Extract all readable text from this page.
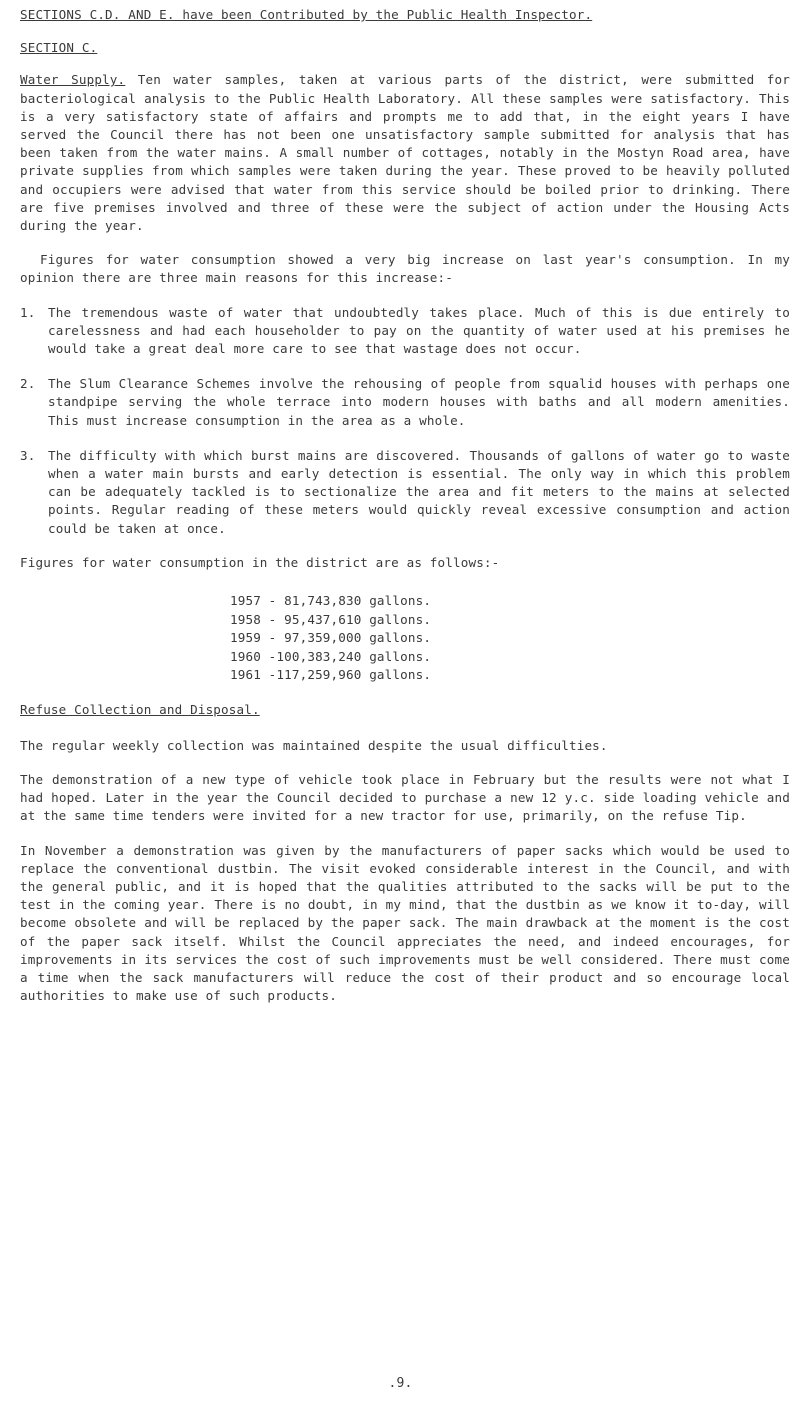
SECTIONS C.D. AND E. have been Contributed by the Public Health Inspector.

SECTION C.

Water Supply. Ten water samples, taken at various parts of the district, were submitted for bacteriological analysis to the Public Health Laboratory. All these samples were satisfactory. This is a very satisfactory state of affairs and prompts me to add that, in the eight years I have served the Council there has not been one unsatisfactory sample submitted for analysis that has been taken from the water mains. A small number of cottages, notably in the Mostyn Road area, have private supplies from which samples were taken during the year. These proved to be heavily polluted and occupiers were advised that water from this service should be boiled prior to drinking. There are five premises involved and three of these were the subject of action under the Housing Acts during the year.

Figures for water consumption showed a very big increase on last year's consumption. In my opinion there are three main reasons for this increase:-

1. The tremendous waste of water that undoubtedly takes place. Much of this is due entirely to carelessness and had each householder to pay on the quantity of water used at his premises he would take a great deal more care to see that wastage does not occur.
2. The Slum Clearance Schemes involve the rehousing of people from squalid houses with perhaps one standpipe serving the whole terrace into modern houses with baths and all modern amenities. This must increase consumption in the area as a whole.
3. The difficulty with which burst mains are discovered. Thousands of gallons of water go to waste when a water main bursts and early detection is essential. The only way in which this problem can be adequately tackled is to sectionalize the area and fit meters to the mains at selected points. Regular reading of these meters would quickly reveal excessive consumption and action could be taken at once.

Figures for water consumption in the district are as follows:-

1957 - 81,743,830 gallons.
1958 - 95,437,610 gallons.
1959 - 97,359,000 gallons.
1960 -100,383,240 gallons.
1961 -117,259,960 gallons.

Refuse Collection and Disposal.

The regular weekly collection was maintained despite the usual difficulties.

The demonstration of a new type of vehicle took place in February but the results were not what I had hoped. Later in the year the Council decided to purchase a new 12 y.c. side loading vehicle and at the same time tenders were invited for a new tractor for use, primarily, on the refuse Tip.

In November a demonstration was given by the manufacturers of paper sacks which would be used to replace the conventional dustbin. The visit evoked considerable interest in the Council, and with the general public, and it is hoped that the qualities attributed to the sacks will be put to the test in the coming year. There is no doubt, in my mind, that the dustbin as we know it to-day, will become obsolete and will be replaced by the paper sack. The main drawback at the moment is the cost of the paper sack itself. Whilst the Council appreciates the need, and indeed encourages, for improvements in its services the cost of such improvements must be well considered. There must come a time when the sack manufacturers will reduce the cost of their product and so encourage local authorities to make use of such products.

.9.
